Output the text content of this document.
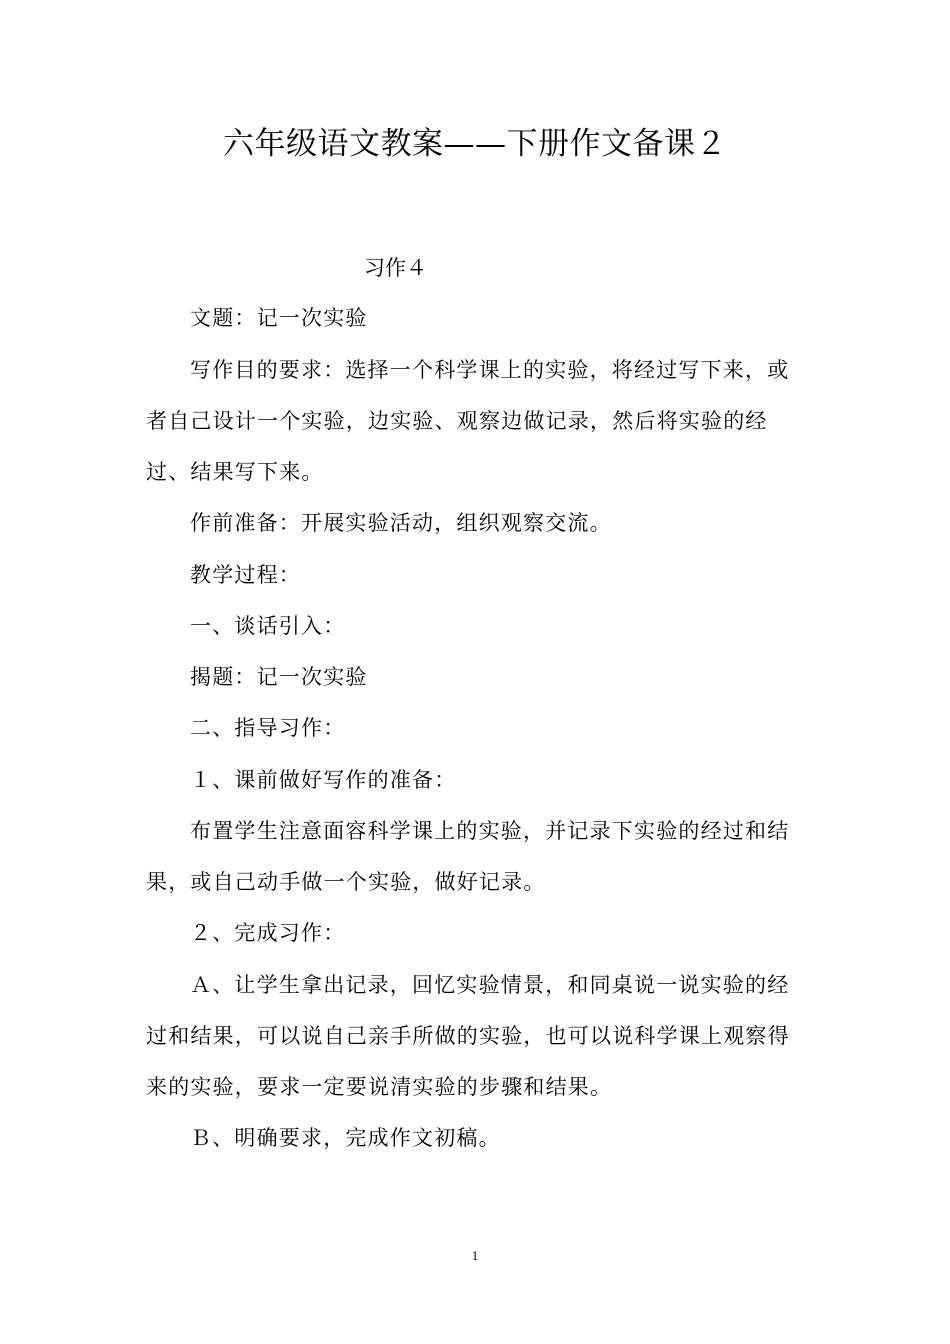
六年级语文教案——下册作文备课２
习作４
文题：记一次实验
写作目的要求：选择一个科学课上的实验，将经过写下来，或
者自己设计一个实验，边实验、观察边做记录，然后将实验的经
过、结果写下来。
作前准备：开展实验活动，组织观察交流。
教学过程：
一、谈话引入：
揭题：记一次实验
二、指导习作：
１、课前做好写作的准备：
布置学生注意面容科学课上的实验，并记录下实验的经过和结
果，或自己动手做一个实验，做好记录。
２、完成习作：
Ａ、让学生拿出记录，回忆实验情景，和同桌说一说实验的经
过和结果，可以说自己亲手所做的实验，也可以说科学课上观察得
来的实验，要求一定要说清实验的步骤和结果。
Ｂ、明确要求，完成作文初稿。
1
